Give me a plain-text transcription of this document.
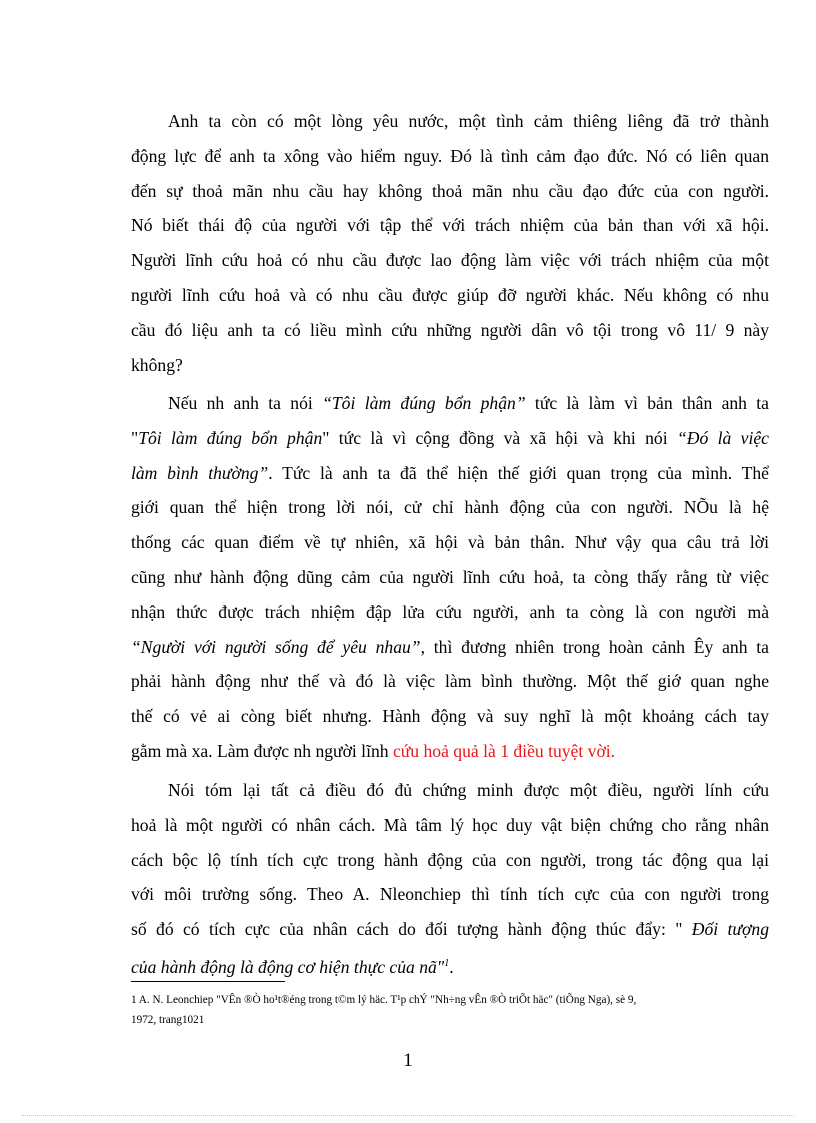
Anh ta còn có một lòng yêu nước, một tình cảm thiêng liêng đã trở thành
động lực để anh ta xông vào hiểm nguy. Đó là tình cảm đạo đức. Nó có liên quan
đến sự thoả mãn nhu cầu hay không thoả mãn nhu cầu đạo đức của con người.
Nó biết thái độ của người với tập thể với trách nhiệm của bản than với xã hội.
Người lĩnh cứu hoả có nhu cầu được lao động làm việc với trách nhiệm của một
người lĩnh cứu hoả và có nhu cầu được giúp đỡ người khác. Nếu không có nhu
cầu đó liệu anh ta có liều mình cứu những người dân vô tội trong vô 11/ 9 này
không?
Nếu nh anh ta nói “Tôi làm đúng bổn phận” tức là làm vì bản thân anh ta
"Tôi làm đúng bổn phận" tức là vì cộng đồng và xã hội và khi nói “Đó là việc
làm bình thường”. Tức là anh ta đã thể hiện thế giới quan trọng của mình. Thể
giới quan thể hiện trong lời nói, cử chỉ hành động của con người. NÕu là hệ
thống các quan điểm về tự nhiên, xã hội và bản thân. Như vậy qua câu trả lời
cũng như hành động dũng cảm của người lĩnh cứu hoả, ta còng thấy rằng từ việc
nhận thức được trách nhiệm đập lửa cứu người, anh ta còng là con người mà
“Người với người sống để yêu nhau”, thì đương nhiên trong hoàn cảnh Êy anh ta
phải hành động như thế và đó là việc làm bình thường. Một thế giớ quan nghe
thế có vẻ ai còng biết nhưng. Hành động và suy nghĩ là một khoảng cách tay
gằm mà xa. Làm được nh người lĩnh cứu hoả quả là 1 điều tuyệt vời.
Nói tóm lại tất cả điều đó đủ chứng minh được một điều, người lính cứu
hoả là một người có nhân cách. Mà tâm lý học duy vật biện chứng cho rằng nhân
cách bộc lộ tính tích cực trong hành động của con người, trong tác động qua lại
với môi trường sống. Theo A. Nleonchiep thì tính tích cực của con người trong
số đó có tích cực của nhân cách do đối tượng hành động thúc đẩy: " Đối tượng
của hành động là động cơ hiện thực của nã"$^1$.
1 A. N. Leonchiep "VÊn ®Ò ho¹t®éng trong t©m lý häc. T¹p chÝ "Nh÷ng vÊn ®Ò triÕt häc" (tiÕng Nga), sè 9,
1972, trang1021
1
